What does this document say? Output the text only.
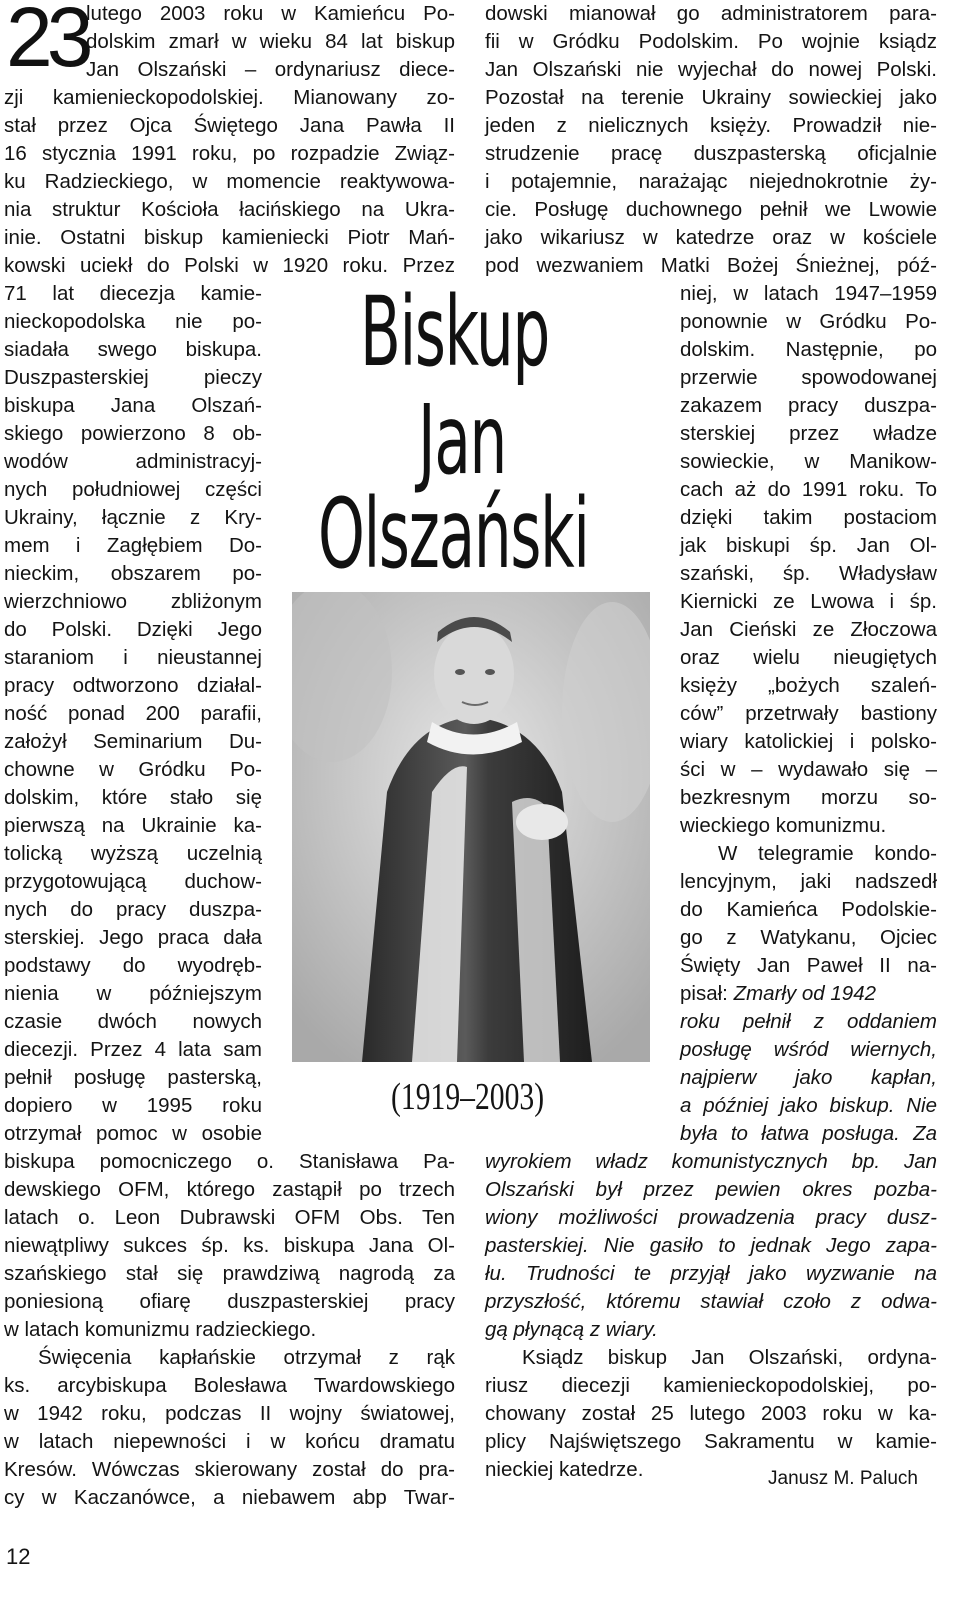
23
Biskup
Jan
Olszański
(1919–2003)
lutego 2003 roku w Kamieńcu Po-
dolskim zmarł w wieku 84 lat biskup
Jan Olszański – ordynariusz diece-
zji kamienieckopodolskiej. Mianowany zo-
stał przez Ojca Świętego Jana Pawła II
16 stycznia 1991 roku, po rozpadzie Związ-
ku Radzieckiego, w momencie reaktywowa-
nia struktur Kościoła łacińskiego na Ukra-
inie. Ostatni biskup kamieniecki Piotr Mań-
kowski uciekł do Polski w 1920 roku. Przez
71 lat diecezja kamie-
nieckopodolska nie po-
siadała swego biskupa.
Duszpasterskiej pieczy
biskupa Jana Olszań-
skiego powierzono 8 ob-
wodów administracyj-
nych południowej części
Ukrainy, łącznie z Kry-
mem i Zagłębiem Do-
nieckim, obszarem po-
wierzchniowo zbliżonym
do Polski. Dzięki Jego
staraniom i nieustannej
pracy odtworzono działal-
ność ponad 200 parafii,
założył Seminarium Du-
chowne w Gródku Po-
dolskim, które stało się
pierwszą na Ukrainie ka-
tolicką wyższą uczelnią
przygotowującą duchow-
nych do pracy duszpa-
sterskiej. Jego praca dała
podstawy do wyodręb-
nienia w późniejszym
czasie dwóch nowych
diecezji. Przez 4 lata sam
pełnił posługę pasterską,
dopiero w 1995 roku
otrzymał pomoc w osobie
biskupa pomocniczego o. Stanisława Pa-
dewskiego OFM, którego zastąpił po trzech
latach o. Leon Dubrawski OFM Obs. Ten
niewątpliwy sukces śp. ks. biskupa Jana Ol-
szańskiego stał się prawdziwą nagrodą za
poniesioną ofiarę duszpasterskiej pracy
w latach komunizmu radzieckiego.
Święcenia kapłańskie otrzymał z rąk
ks. arcybiskupa Bolesława Twardowskiego
w 1942 roku, podczas II wojny światowej,
w latach niepewności i w końcu dramatu
Kresów. Wówczas skierowany został do pra-
cy w Kaczanówce, a niebawem abp Twar-
dowski mianował go administratorem para-
fii w Gródku Podolskim. Po wojnie ksiądz
Jan Olszański nie wyjechał do nowej Polski.
Pozostał na terenie Ukrainy sowieckiej jako
jeden z nielicznych księży. Prowadził nie-
strudzenie pracę duszpasterską oficjalnie
i potajemnie, narażając niejednokrotnie ży-
cie. Posługę duchownego pełnił we Lwowie
jako wikariusz w katedrze oraz w kościele
pod wezwaniem Matki Bożej Śnieżnej, póź-
niej, w latach 1947–1959
ponownie w Gródku Po-
dolskim. Następnie, po
przerwie spowodowanej
zakazem pracy duszpa-
sterskiej przez władze
sowieckie, w Manikow-
cach aż do 1991 roku. To
dzięki takim postaciom
jak biskupi śp. Jan Ol-
szański, śp. Władysław
Kiernicki ze Lwowa i śp.
Jan Cieński ze Złoczowa
oraz wielu nieugiętych
księży „bożych szaleń-
ców” przetrwały bastiony
wiary katolickiej i polsko-
ści w – wydawało się –
bezkresnym morzu so-
wieckiego komunizmu.
W telegramie kondo-
lencyjnym, jaki nadszedł
do Kamieńca Podolskie-
go z Watykanu, Ojciec
Święty Jan Paweł II na-
pisał: Zmarły od 1942
roku pełnił z oddaniem
posługę wśród wiernych,
najpierw jako kapłan,
a później jako biskup. Nie
była to łatwa posługa. Za
wyrokiem władz komunistycznych bp. Jan
Olszański był przez pewien okres pozba-
wiony możliwości prowadzenia pracy dusz-
pasterskiej. Nie gasiło to jednak Jego zapa-
łu. Trudności te przyjął jako wyzwanie na
przyszłość, któremu stawiał czoło z odwa-
gą płynącą z wiary.
Ksiądz biskup Jan Olszański, ordyna-
riusz diecezji kamienieckopodolskiej, po-
chowany został 25 lutego 2003 roku w ka-
plicy Najświętszego Sakramentu w kamie-
nieckiej katedrze.	Janusz M. Paluch
12
